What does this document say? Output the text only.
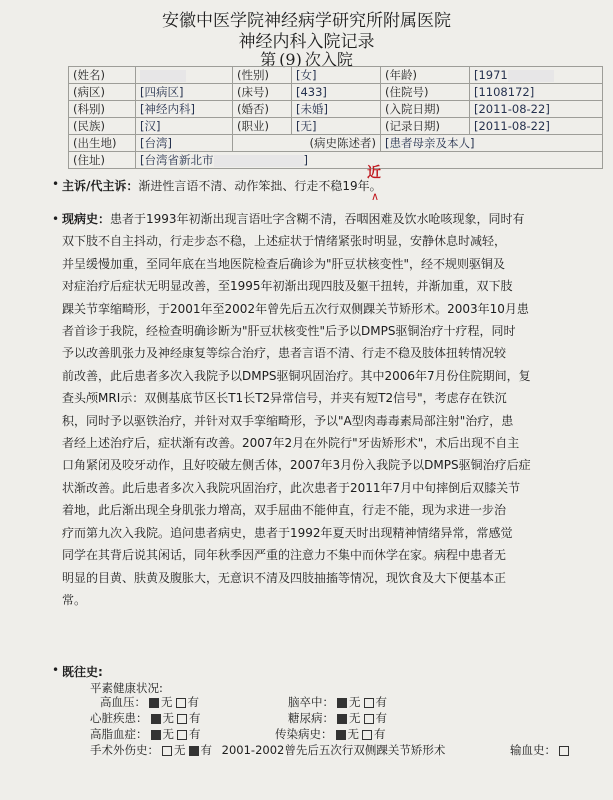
安徽中医学院神经病学研究所附属医院
神经内科入院记录
第 (9) 次入院
(姓名)		(性别)	[女]	(年龄)	[1971
(病区)	[四病区]	(床号)	[433]	(住院号)	[1108172]
(科别)	[神经内科]	(婚否)	[未婚]	(入院日期)	[2011-08-22]
(民族)	[汉]	(职业)	[无]	(记录日期)	[2011-08-22]
(出生地)	[台湾]	(病史陈述者)		[患者母亲及本人]	
(住址)	[台湾省新北市 ]				
近
∧
• 主诉/代主诉：渐进性言语不清、动作笨拙、行走不稳19年。
• 现病史：患者于1993年初渐出现言语吐字含糊不清，吞咽困难及饮水呛咳现象，同时有

双下肢不自主抖动，行走步态不稳，上述症状于情绪紧张时明显，安静休息时减轻，

并呈缓慢加重，至同年底在当地医院检查后确诊为"肝豆状核变性"，经不规则驱铜及

对症治疗后症状无明显改善，至1995年初渐出现四肢及躯干扭转，并渐加重，双下肢

踝关节挛缩畸形，于2001年至2002年曾先后五次行双侧踝关节矫形术。2003年10月患

者首诊于我院，经检查明确诊断为"肝豆状核变性"后予以DMPS驱铜治疗十疗程，同时

予以改善肌张力及神经康复等综合治疗，患者言语不清、行走不稳及肢体扭转情况较

前改善，此后患者多次入我院予以DMPS驱铜巩固治疗。其中2006年7月份住院期间，复

查头颅MRI示：双侧基底节区长T1长T2异常信号，并夹有短T2信号"，考虑存在铁沉

积，同时予以驱铁治疗，并针对双手挛缩畸形，予以"A型肉毒毒素局部注射"治疗，患

者经上述治疗后，症状渐有改善。2007年2月在外院行"牙齿矫形术"，术后出现不自主

口角紧闭及咬牙动作，且好咬破左侧舌体，2007年3月份入我院予以DMPS驱铜治疗后症

状渐改善。此后患者多次入我院巩固治疗，此次患者于2011年7月中旬摔倒后双膝关节

着地，此后渐出现全身肌张力增高，双手屈曲不能伸直，行走不能，现为求进一步治

疗而第九次入我院。追问患者病史，患者于1992年夏天时出现精神情绪异常，常感觉

同学在其背后说其闲话，同年秋季因严重的注意力不集中而休学在家。病程中患者无

明显的目黄、肤黄及腹胀大，无意识不清及四肢抽搐等情况，现饮食及大下便基本正

常。

• 既往史:
平素健康状况:
高血压： 无 有	脑卒中： 无 有
心脏疾患： 无 有	糖尿病： 无 有
高脂血症： 无 有	传染病史： 无 有
手术外伤史： 无 有 2001-2002曾先后五次行双侧踝关节矫形术	输血史：
